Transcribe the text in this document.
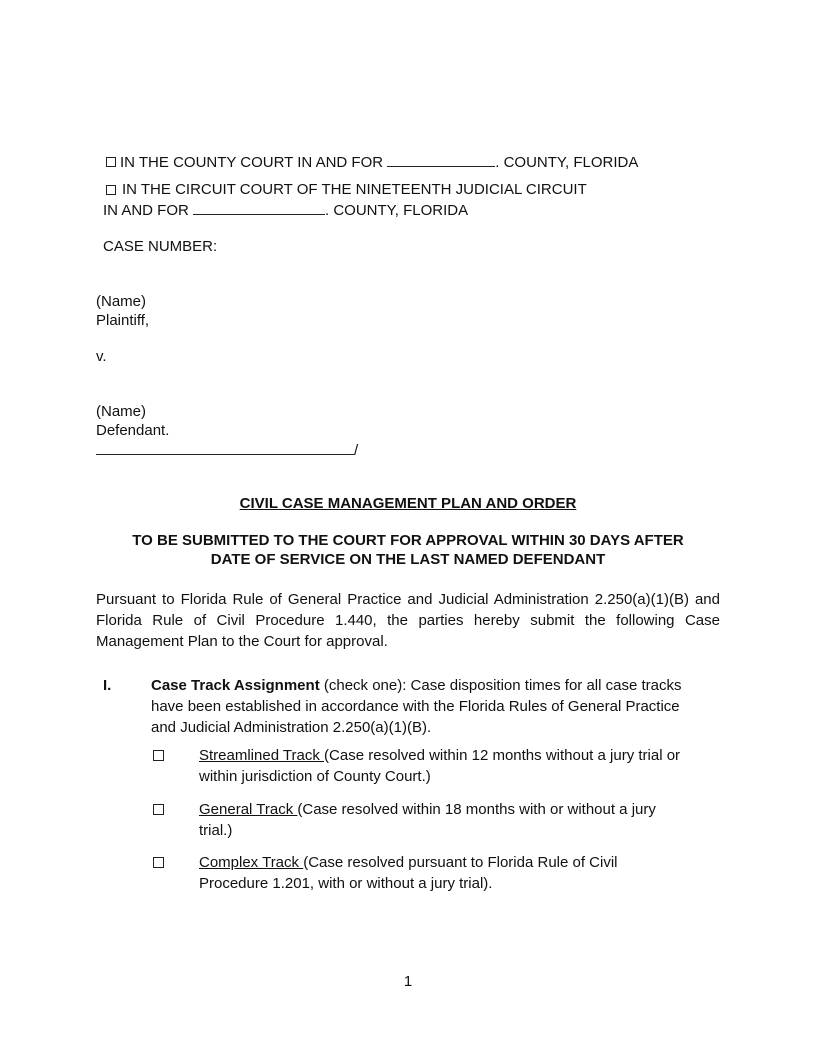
IN THE COUNTY COURT IN AND FOR	. COUNTY, FLORIDA
IN THE CIRCUIT COURT OF THE NINETEENTH JUDICIAL CIRCUIT
IN AND FOR	. COUNTY, FLORIDA
CASE NUMBER:
(Name)
Plaintiff,
v.
(Name)
Defendant.
/
CIVIL CASE MANAGEMENT PLAN AND ORDER
TO BE SUBMITTED TO THE COURT FOR APPROVAL WITHIN 30 DAYS AFTER
DATE OF SERVICE ON THE LAST NAMED DEFENDANT
Pursuant to Florida Rule of General Practice and Judicial Administration 2.250(a)(1)(B) and Florida Rule of Civil Procedure 1.440, the parties hereby submit the following Case Management Plan to the Court for approval.
I.	Case Track Assignment (check one): Case disposition times for all case tracks
have been established in accordance with the Florida Rules of General Practice
and Judicial Administration 2.250(a)(1)(B).
Streamlined Track (Case resolved within 12 months without a jury trial or
within jurisdiction of County Court.)
General Track (Case resolved within 18 months with or without a jury
trial.)
Complex Track (Case resolved pursuant to Florida Rule of Civil
Procedure 1.201, with or without a jury trial).
1
